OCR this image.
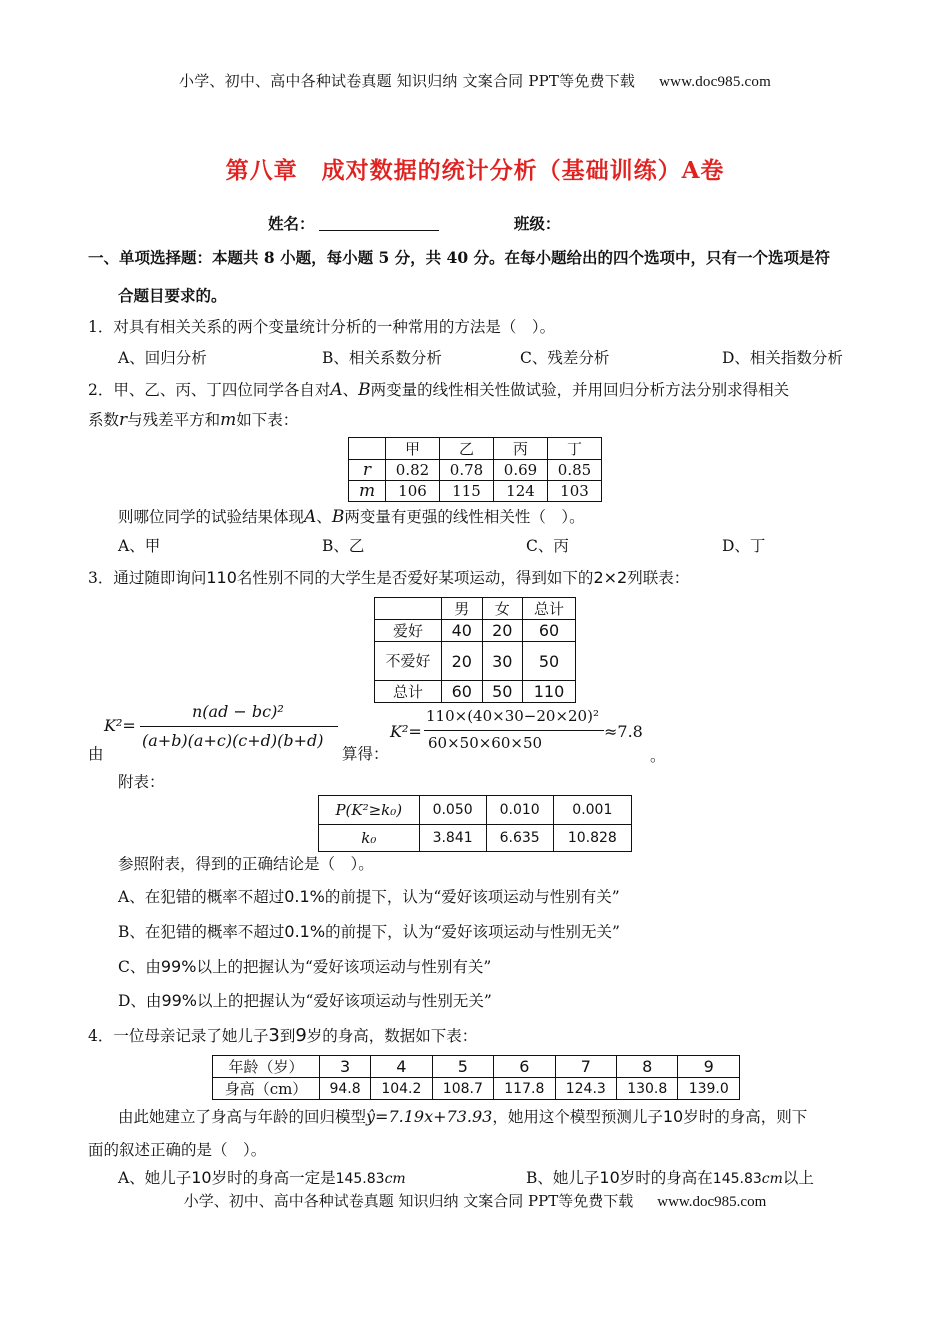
小学、初中、高中各种试卷真题 知识归纳 文案合同 PPT等免费下载 www.doc985.com
第八章　成对数据的统计分析（基础训练）A卷
姓名：	班级：
一、单项选择题：本题共 8 小题，每小题 5 分，共 40 分。在每小题给出的四个选项中，只有一个选项是符
合题目要求的。
1．对具有相关关系的两个变量统计分析的一种常用的方法是（　）。
A、回归分析	B、相关系数分析	C、残差分析	D、相关指数分析
2．甲、乙、丙、丁四位同学各自对A、B两变量的线性相关性做试验，并用回归分析方法分别求得相关
系数r与残差平方和m如下表：
	甲	乙	丙	丁
r	0.82	0.78	0.69	0.85
m	106	115	124	103
则哪位同学的试验结果体现A、B两变量有更强的线性相关性（　）。
A、甲	B、乙	C、丙	D、丁
3．通过随即询问110名性别不同的大学生是否爱好某项运动，得到如下的2×2列联表：
	男	女	总计
爱好	40	20	60
不爱好	20	30	50
总计	60	50	110
由
K²=
n(ad − bc)²
(a+b)(a+c)(c+d)(b+d)
算得：
K²=
110×(40×30−20×20)²
60×50×60×50
≈7.8
。
附表：
P(K²≥k₀)	0.050	0.010	0.001
k₀	3.841	6.635	10.828
参照附表，得到的正确结论是（　）。
A、在犯错的概率不超过0.1%的前提下，认为“爱好该项运动与性别有关”
B、在犯错的概率不超过0.1%的前提下，认为“爱好该项运动与性别无关”
C、由99%以上的把握认为“爱好该项运动与性别有关”
D、由99%以上的把握认为“爱好该项运动与性别无关”
4．一位母亲记录了她儿子3到9岁的身高，数据如下表：
年龄（岁）	3	4	5	6	7	8	9
身高（cm）	94.8	104.2	108.7	117.8	124.3	130.8	139.0
由此她建立了身高与年龄的回归模型ŷ=7.19x+73.93，她用这个模型预测儿子10岁时的身高，则下
面的叙述正确的是（　）。
A、她儿子10岁时的身高一定是145.83cm	B、她儿子10岁时的身高在145.83cm以上
小学、初中、高中各种试卷真题 知识归纳 文案合同 PPT等免费下载 www.doc985.com
